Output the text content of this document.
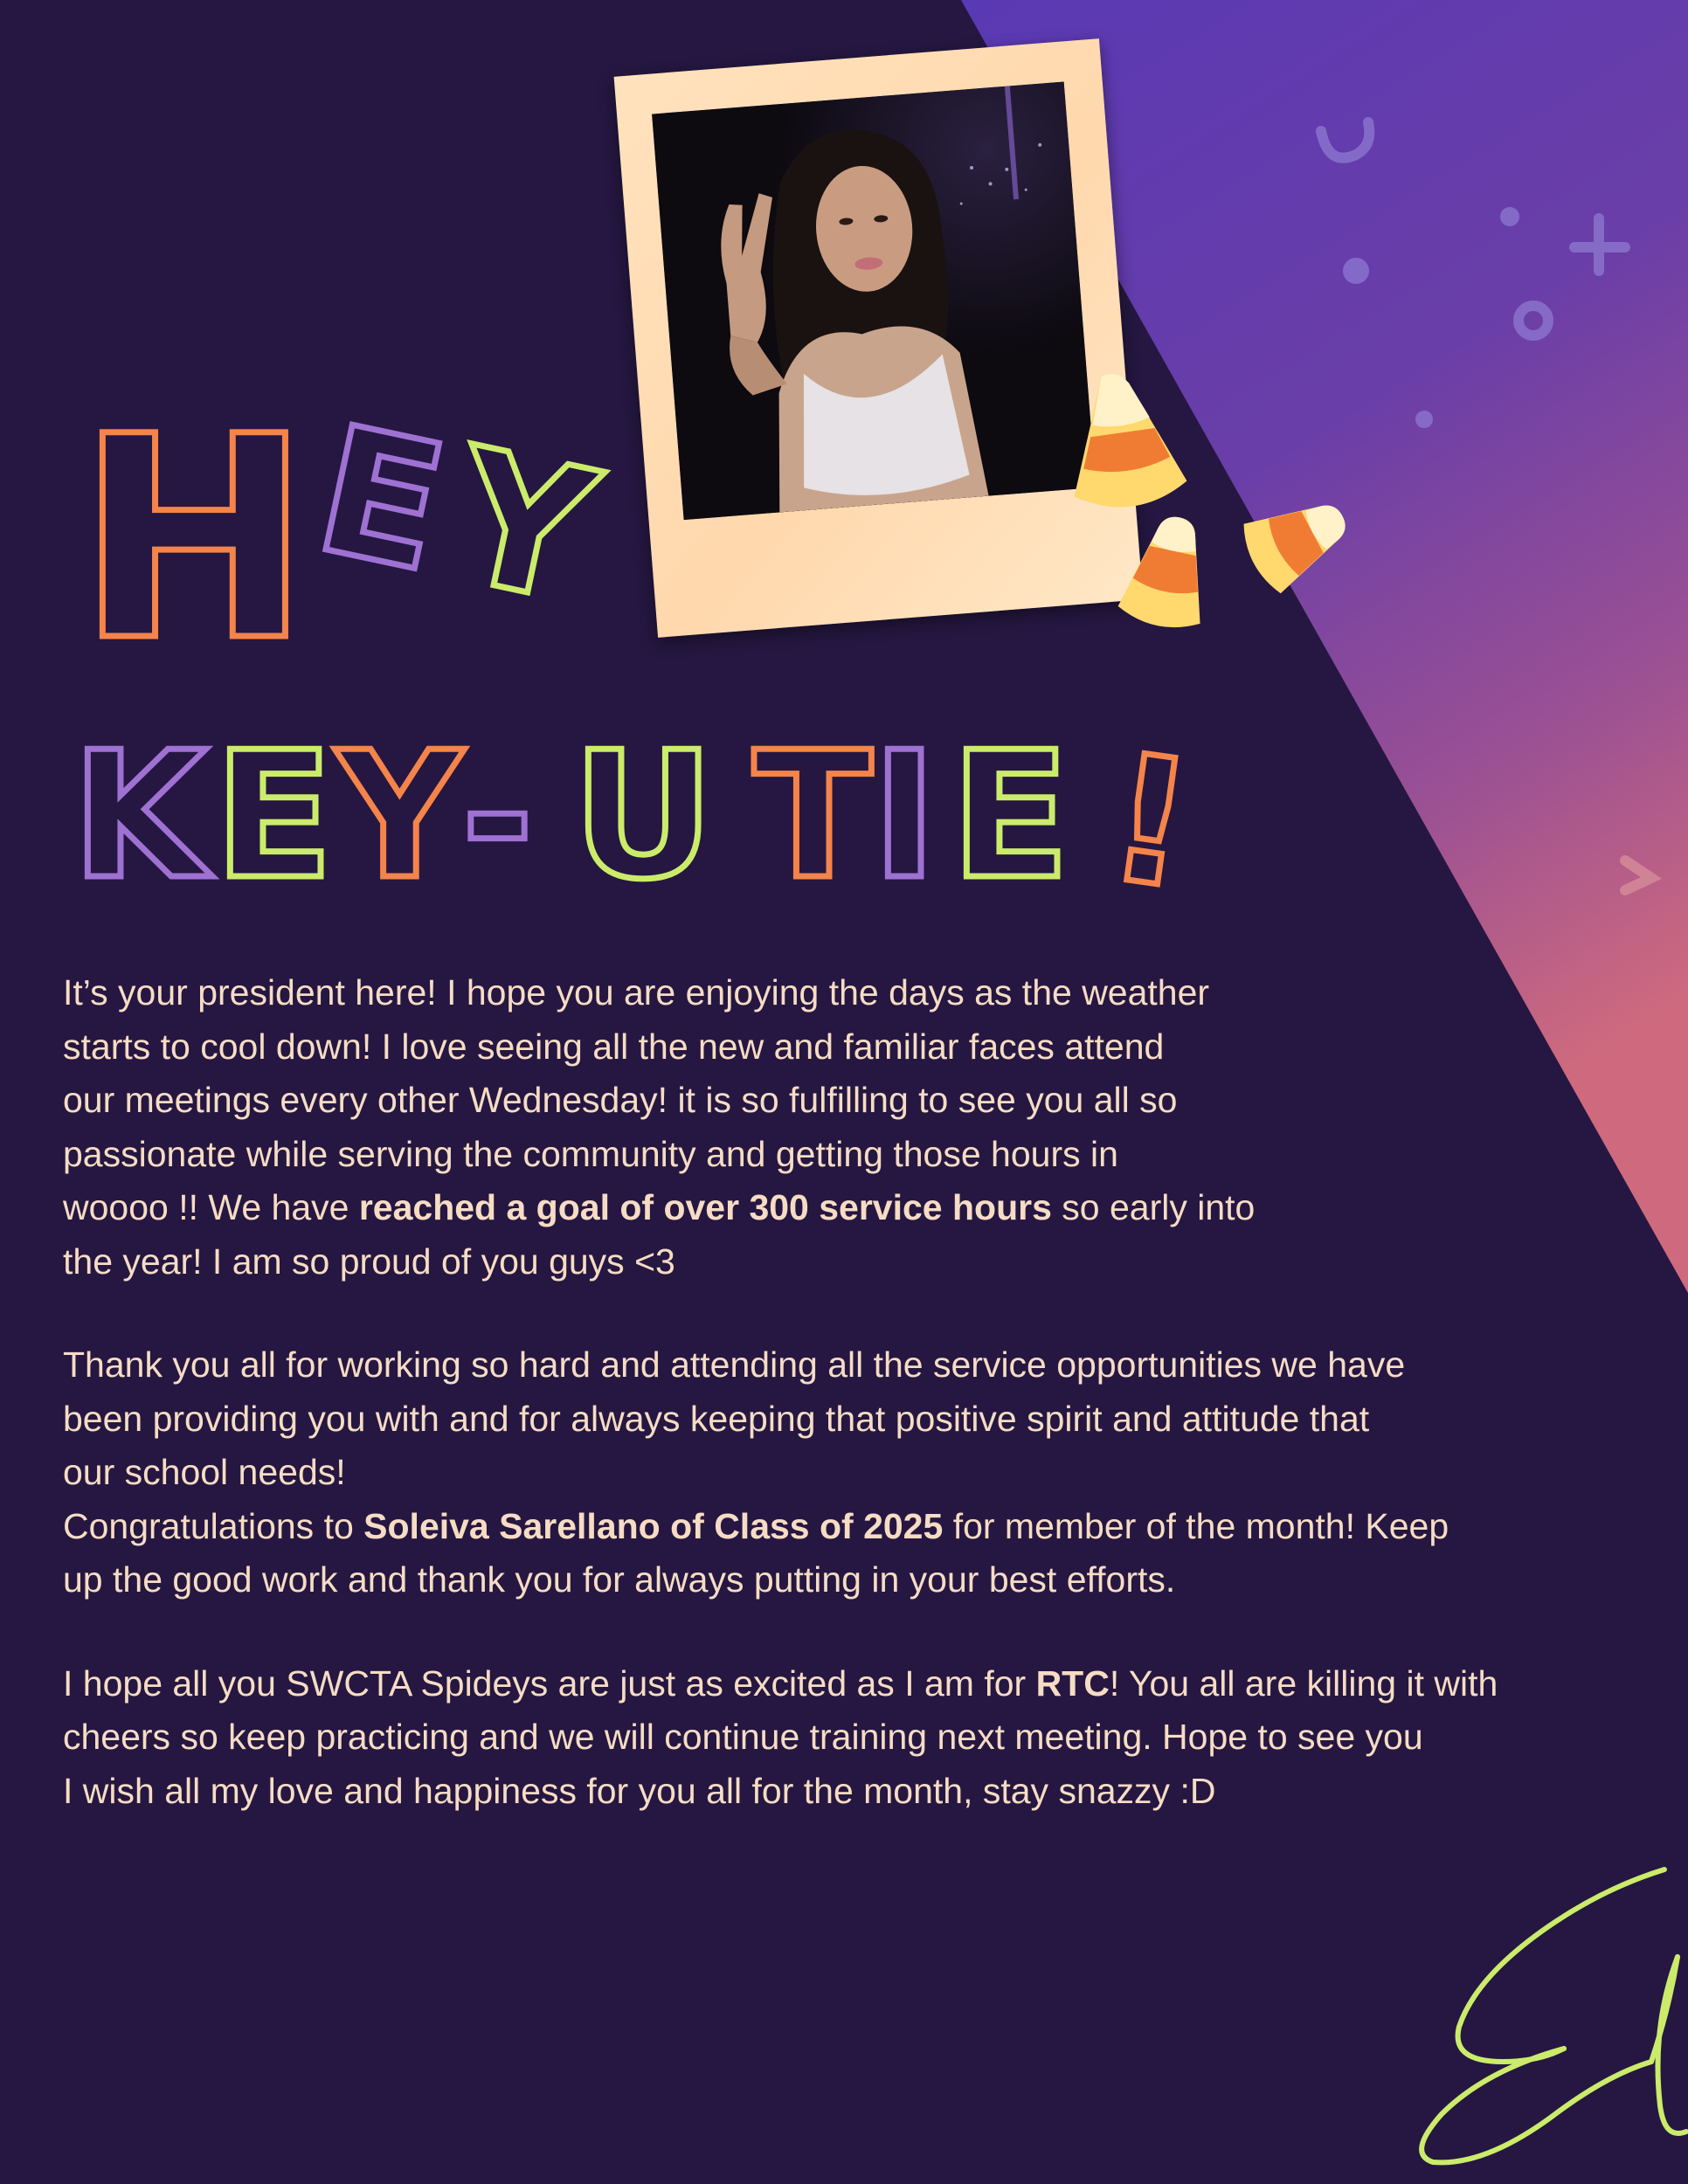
H
E
Y
K E Y
- U T I E !

It’s your president here! I hope you are enjoying the days as the weather

starts to cool down! I love seeing all the new and familiar faces attend

our meetings every other Wednesday! it is so fulfilling to see you all so

passionate while serving the community and getting those hours in

woooo !! We have reached a goal of over 300 service hours so early into

the year! I am so proud of you guys <3

Thank you all for working so hard and attending all the service opportunities we have

been providing you with and for always keeping that positive spirit and attitude that

our school needs!

Congratulations to Soleiva Sarellano of Class of 2025 for member of the month! Keep

up the good work and thank you for always putting in your best efforts.

I hope all you SWCTA Spideys are just as excited as I am for RTC! You all are killing it with

cheers so keep practicing and we will continue training next meeting. Hope to see you

I wish all my love and happiness for you all for the month, stay snazzy :D
